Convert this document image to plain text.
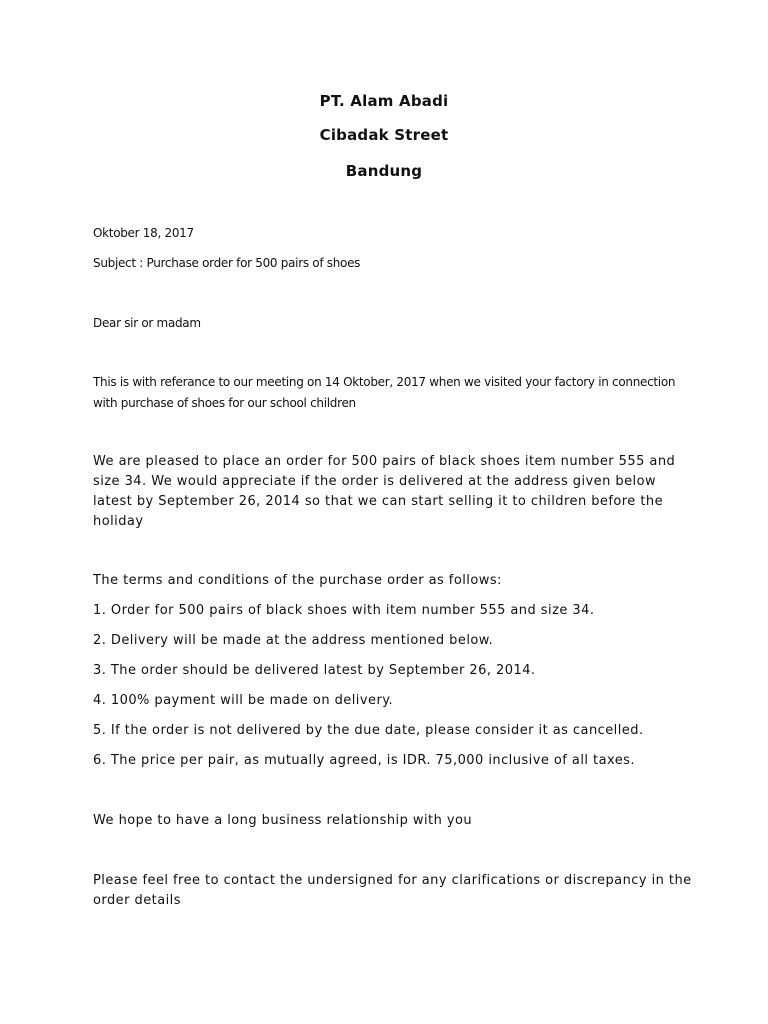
PT. Alam Abadi
Cibadak Street
Bandung
Oktober 18, 2017
Subject : Purchase order for 500 pairs of shoes
Dear sir or madam
This is with referance to our meeting on 14 Oktober, 2017 when we visited your factory in connection
with purchase of shoes for our school children
We are pleased to place an order for 500 pairs of black shoes item number 555 and
size 34. We would appreciate if the order is delivered at the address given below
latest by September 26, 2014 so that we can start selling it to children before the
holiday
The terms and conditions of the purchase order as follows:
1. Order for 500 pairs of black shoes with item number 555 and size 34.
2. Delivery will be made at the address mentioned below.
3. The order should be delivered latest by September 26, 2014.
4. 100% payment will be made on delivery.
5. If the order is not delivered by the due date, please consider it as cancelled.
6. The price per pair, as mutually agreed, is IDR. 75,000 inclusive of all taxes.
We hope to have a long business relationship with you
Please feel free to contact the undersigned for any clarifications or discrepancy in the
order details
